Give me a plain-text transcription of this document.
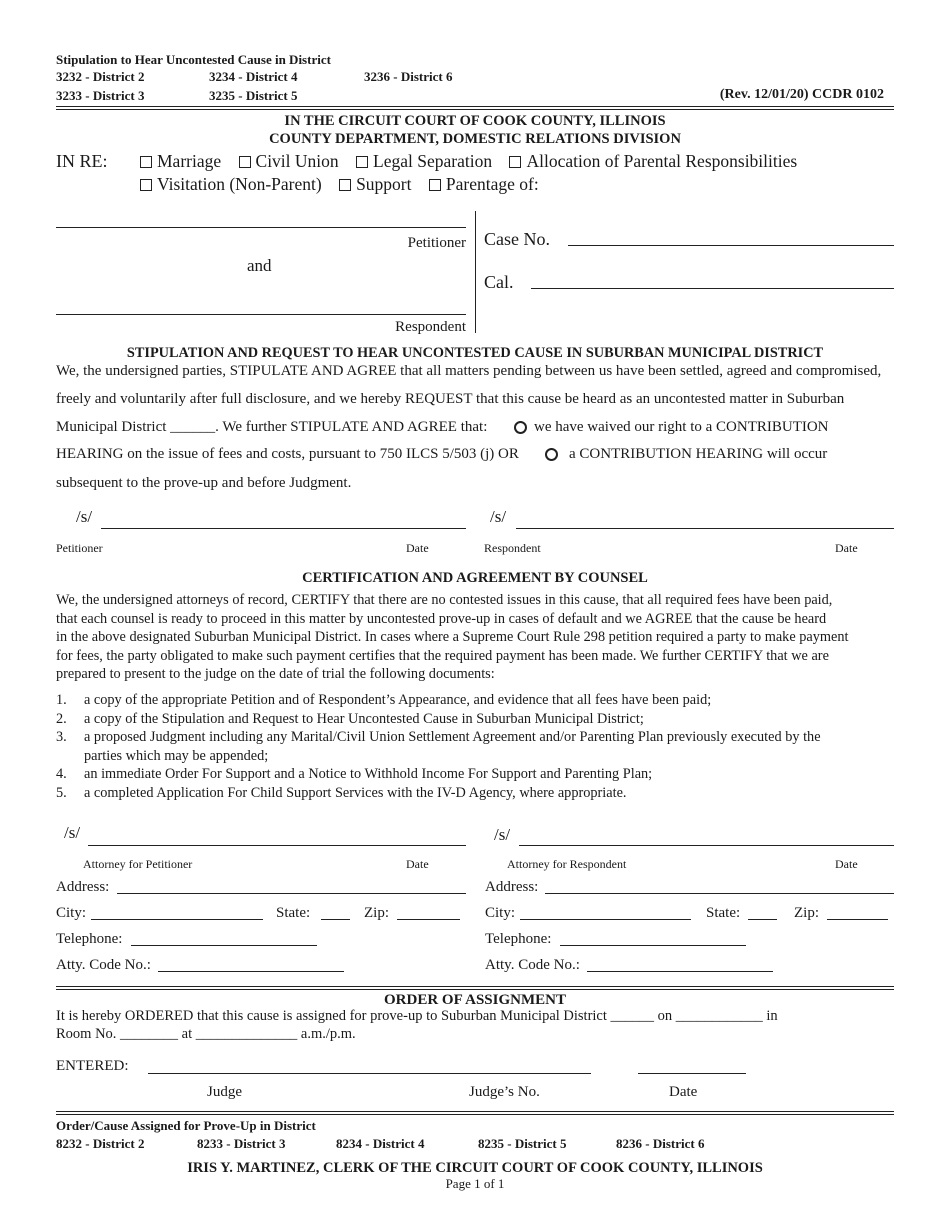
Stipulation to Hear Uncontested Cause in District
3232 - District 2	3234 - District 4	3236 - District 6
3233 - District 3	3235 - District 5	(Rev. 12/01/20) CCDR 0102
IN THE CIRCUIT COURT OF COOK COUNTY, ILLINOIS
COUNTY DEPARTMENT, DOMESTIC RELATIONS DIVISION
IN RE:	Marriage Civil Union Legal Separation Allocation of Parental Responsibilities
Visitation (Non-Parent) Support Parentage of:
Petitioner
and
Respondent
Case No.
Cal.
STIPULATION AND REQUEST TO HEAR UNCONTESTED CAUSE IN SUBURBAN MUNICIPAL DISTRICT
We, the undersigned parties, STIPULATE AND AGREE that all matters pending between us have been settled, agreed and compromised,
freely and voluntarily after full disclosure, and we hereby REQUEST that this cause be heard as an uncontested matter in Suburban
Municipal District ______. We further STIPULATE AND AGREE that:	we have waived our right to a CONTRIBUTION
HEARING on the issue of fees and costs, pursuant to 750 ILCS 5/503 (j) OR	a CONTRIBUTION HEARING will occur
subsequent to the prove-up and before Judgment.
/s/	/s/
Petitioner	Date	Respondent	Date
CERTIFICATION AND AGREEMENT BY COUNSEL
We, the undersigned attorneys of record, CERTIFY that there are no contested issues in this cause, that all required fees have been paid,
that each counsel is ready to proceed in this matter by uncontested prove-up in cases of default and we AGREE that the cause be heard
in the above designated Suburban Municipal District. In cases where a Supreme Court Rule 298 petition required a party to make payment
for fees, the party obligated to make such payment certifies that the required payment has been made. We further CERTIFY that we are
prepared to present to the judge on the date of trial the following documents:
1. a copy of the appropriate Petition and of Respondent’s Appearance, and evidence that all fees have been paid;
2. a copy of the Stipulation and Request to Hear Uncontested Cause in Suburban Municipal District;
3. a proposed Judgment including any Marital/Civil Union Settlement Agreement and/or Parenting Plan previously executed by the
parties which may be appended;
4. an immediate Order For Support and a Notice to Withhold Income For Support and Parenting Plan;
5. a completed Application For Child Support Services with the IV-D Agency, where appropriate.
/s/	/s/
Attorney for Petitioner	Date	Attorney for Respondent	Date
Address:
City:	State:	Zip:
Telephone:
Atty. Code No.:
Address:
City:	State:	Zip:
Telephone:
Atty. Code No.:
ORDER OF ASSIGNMENT
It is hereby ORDERED that this cause is assigned for prove-up to Suburban Municipal District ______ on ____________ in
Room No. ________ at ______________ a.m./p.m.
ENTERED:
Judge	Judge’s No.	Date
Order/Cause Assigned for Prove-Up in District
8232 - District 2	8233 - District 3	8234 - District 4	8235 - District 5	8236 - District 6
IRIS Y. MARTINEZ, CLERK OF THE CIRCUIT COURT OF COOK COUNTY, ILLINOIS
Page 1 of 1
